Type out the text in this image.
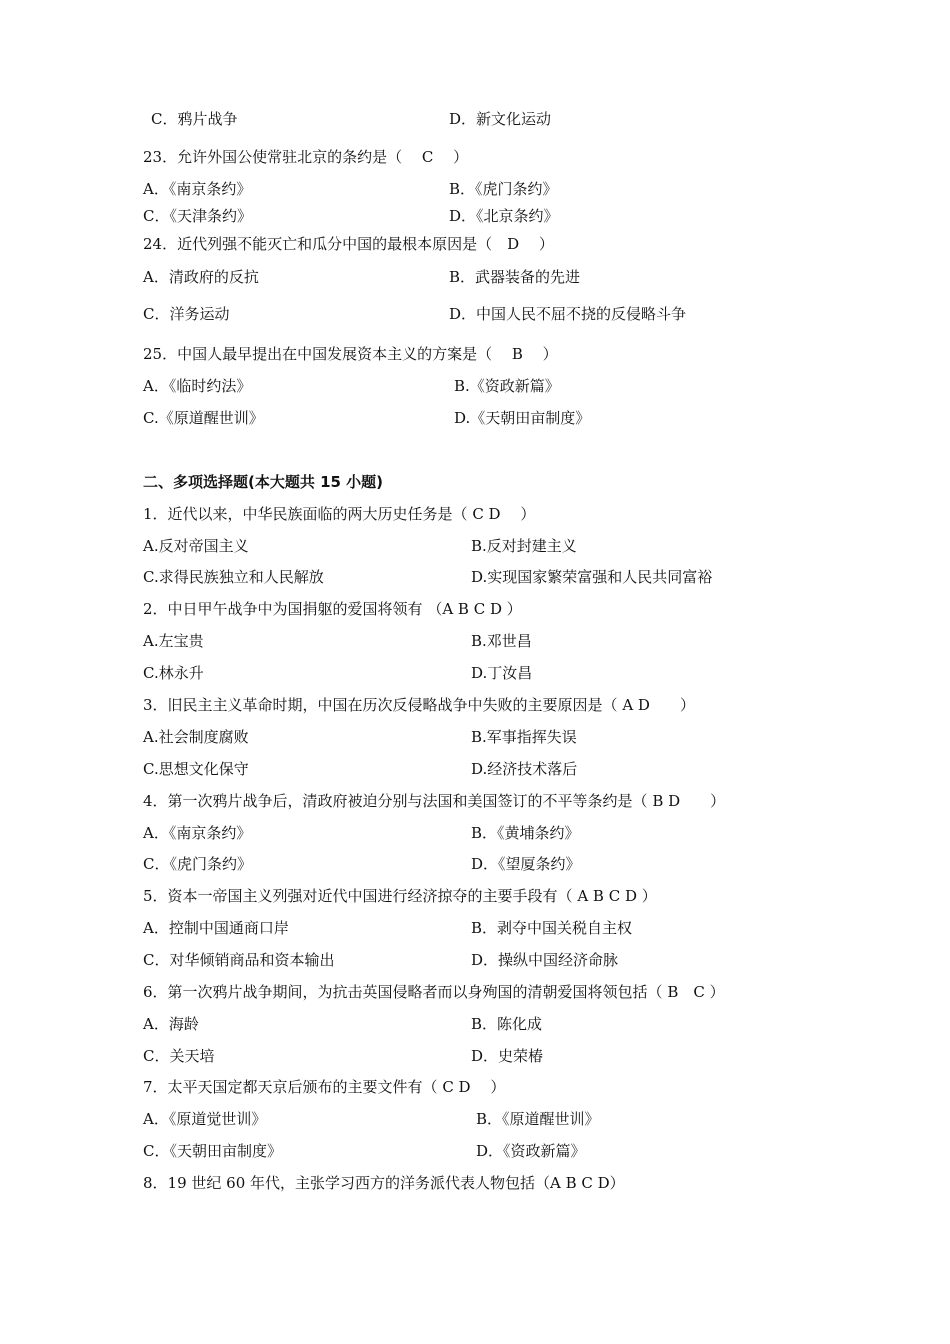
C．鸦片战争	D．新文化运动
23．允许外国公使常驻北京的条约是（　 C　 ）
A．《南京条约》	B．《虎门条约》
C．《天津条约》	D．《北京条约》
24．近代列强不能灭亡和瓜分中国的最根本原因是（　D　 ）
A．清政府的反抗	B．武器装备的先进
C．洋务运动	D．中国人民不屈不挠的反侵略斗争
25．中国人最早提出在中国发展资本主义的方案是（　 B　 ）
A．《临时约法》	B.《资政新篇》
C.《原道醒世训》	D.《天朝田亩制度》
二、多项选择题(本大题共 15 小题)
1．近代以来，中华民族面临的两大历史任务是（ C D　 ）
A.反对帝国主义	B.反对封建主义
C.求得民族独立和人民解放	D.实现国家繁荣富强和人民共同富裕
2．中日甲午战争中为国捐躯的爱国将领有 （A B C D ）
A.左宝贵	B.邓世昌
C.林永升	D.丁汝昌
3．旧民主主义革命时期，中国在历次反侵略战争中失败的主要原因是（ A D　　）
A.社会制度腐败	B.军事指挥失误
C.思想文化保守	D.经济技术落后
4．第一次鸦片战争后，清政府被迫分别与法国和美国签订的不平等条约是（ B D　　）
A．《南京条约》	B．《黄埔条约》
C．《虎门条约》	D．《望厦条约》
5．资本一帝国主义列强对近代中国进行经济掠夺的主要手段有（ A B C D ）
A．控制中国通商口岸	B．剥夺中国关税自主权
C．对华倾销商品和资本输出	D．操纵中国经济命脉
6．第一次鸦片战争期间，为抗击英国侵略者而以身殉国的清朝爱国将领包括（ B　C ）
A．海龄	B．陈化成
C．关天培	D．史荣椿
7．太平天国定都天京后颁布的主要文件有（ C D　 ）
A．《原道觉世训》	B．《原道醒世训》
C．《天朝田亩制度》	D．《资政新篇》
8．19 世纪 60 年代，主张学习西方的洋务派代表人物包括（A B C D）
